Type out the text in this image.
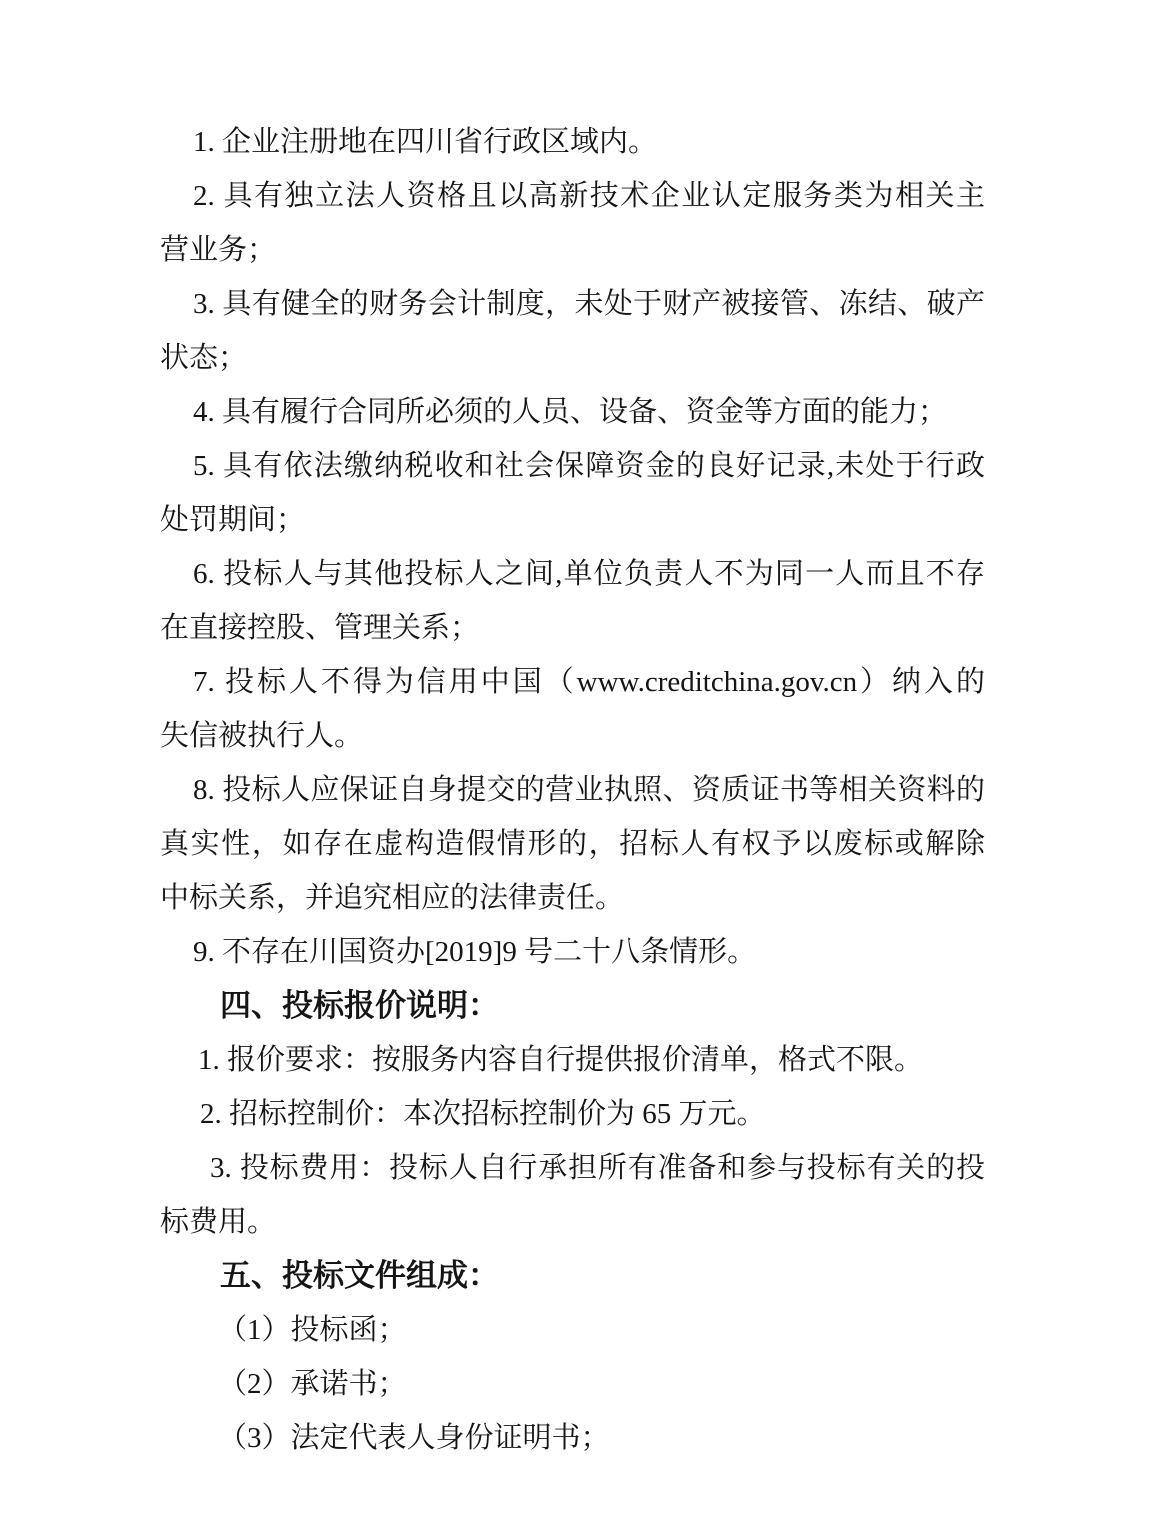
1. 企业注册地在四川省行政区域内。
2. 具有独立法人资格且以高新技术企业认定服务类为相关主
营业务；
3. 具有健全的财务会计制度，未处于财产被接管、冻结、破产
状态；
4. 具有履行合同所必须的人员、设备、资金等方面的能力；
5. 具有依法缴纳税收和社会保障资金的良好记录,未处于行政
处罚期间；
6. 投标人与其他投标人之间,单位负责人不为同一人而且不存
在直接控股、管理关系；
7. 投标人不得为信用中国（www.creditchina.gov.cn）纳入的
失信被执行人。
8. 投标人应保证自身提交的营业执照、资质证书等相关资料的
真实性，如存在虚构造假情形的，招标人有权予以废标或解除
中标关系，并追究相应的法律责任。
9. 不存在川国资办[2019]9 号二十八条情形。
四、投标报价说明：
1. 报价要求：按服务内容自行提供报价清单，格式不限。
2. 招标控制价：本次招标控制价为 65 万元。
3. 投标费用：投标人自行承担所有准备和参与投标有关的投
标费用。
五、投标文件组成：
（1）投标函；
（2）承诺书；
（3）法定代表人身份证明书；
